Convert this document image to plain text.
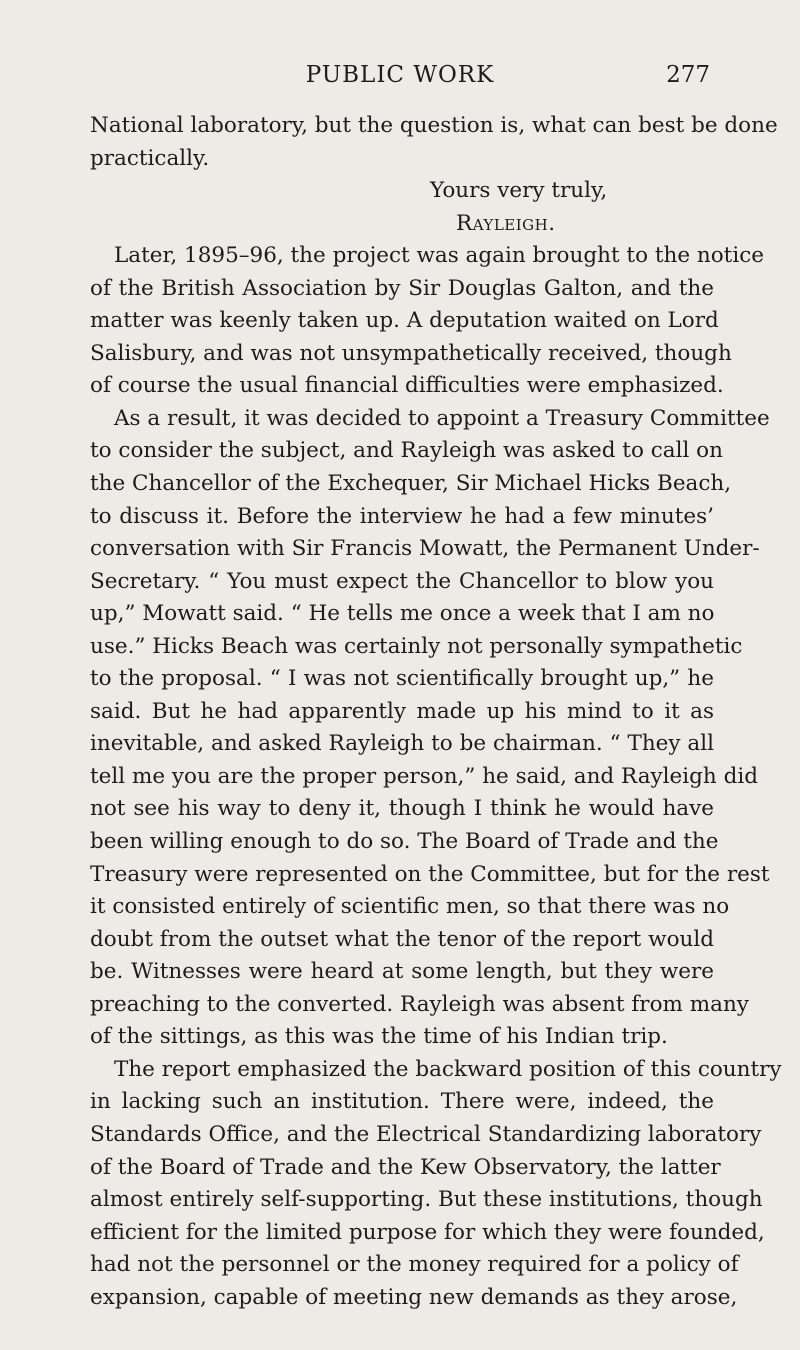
PUBLIC WORK	277
National laboratory, but the question is, what can best be done
practically.
Yours very truly,
Rayleigh.
Later, 1895–96, the project was again brought to the notice
of the British Association by Sir Douglas Galton, and the
matter was keenly taken up. A deputation waited on Lord
Salisbury, and was not unsympathetically received, though
of course the usual financial difficulties were emphasized.
As a result, it was decided to appoint a Treasury Committee
to consider the subject, and Rayleigh was asked to call on
the Chancellor of the Exchequer, Sir Michael Hicks Beach,
to discuss it. Before the interview he had a few minutes’
conversation with Sir Francis Mowatt, the Permanent Under-
Secretary. “ You must expect the Chancellor to blow you
up,” Mowatt said. “ He tells me once a week that I am no
use.” Hicks Beach was certainly not personally sympathetic
to the proposal. “ I was not scientifically brought up,” he
said. But he had apparently made up his mind to it as
inevitable, and asked Rayleigh to be chairman. “ They all
tell me you are the proper person,” he said, and Rayleigh did
not see his way to deny it, though I think he would have
been willing enough to do so. The Board of Trade and the
Treasury were represented on the Committee, but for the rest
it consisted entirely of scientific men, so that there was no
doubt from the outset what the tenor of the report would
be. Witnesses were heard at some length, but they were
preaching to the converted. Rayleigh was absent from many
of the sittings, as this was the time of his Indian trip.
The report emphasized the backward position of this country
in lacking such an institution. There were, indeed, the
Standards Office, and the Electrical Standardizing laboratory
of the Board of Trade and the Kew Observatory, the latter
almost entirely self-supporting. But these institutions, though
efficient for the limited purpose for which they were founded,
had not the personnel or the money required for a policy of
expansion, capable of meeting new demands as they arose,
